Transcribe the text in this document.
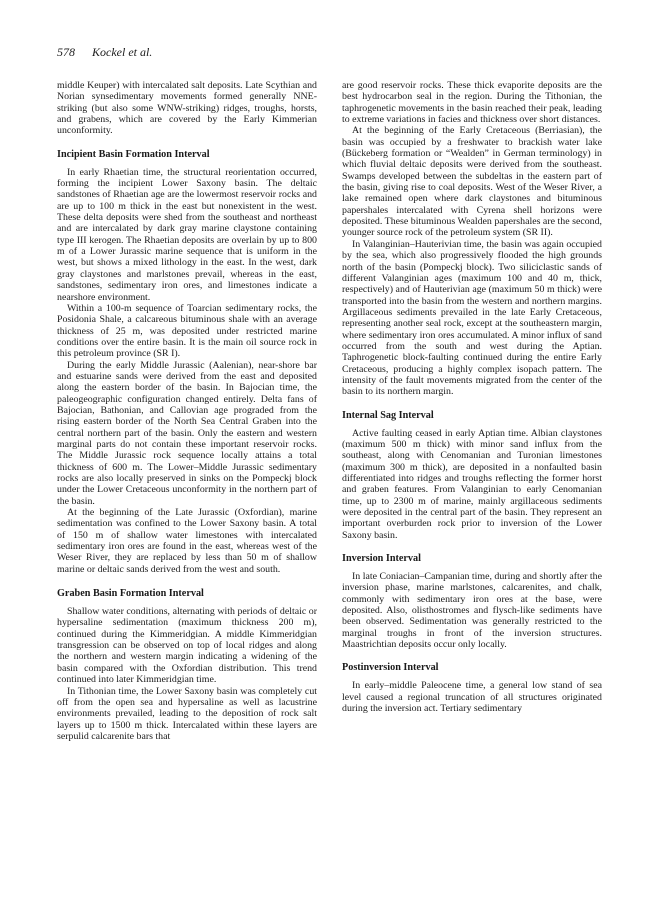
578 Kockel et al.

middle Keuper) with intercalated salt deposits. Late Scythian and Norian synsedimentary movements formed generally NNE-striking (but also some WNW-striking) ridges, troughs, horsts, and grabens, which are covered by the Early Kimmerian unconformity.

Incipient Basin Formation Interval

In early Rhaetian time, the structural reorientation occurred, forming the incipient Lower Saxony basin. The deltaic sandstones of Rhaetian age are the lowermost reservoir rocks and are up to 100 m thick in the east but nonexistent in the west. These delta deposits were shed from the southeast and northeast and are intercalated by dark gray marine claystone containing type III kerogen. The Rhaetian deposits are overlain by up to 800 m of a Lower Jurassic marine sequence that is uniform in the west, but shows a mixed lithology in the east. In the west, dark gray claystones and marlstones prevail, whereas in the east, sandstones, sedimentary iron ores, and limestones indicate a nearshore environment.

Within a 100-m sequence of Toarcian sedimentary rocks, the Posidonia Shale, a calcareous bituminous shale with an average thickness of 25 m, was deposited under restricted marine conditions over the entire basin. It is the main oil source rock in this petroleum province (SR I).

During the early Middle Jurassic (Aalenian), near-shore bar and estuarine sands were derived from the east and deposited along the eastern border of the basin. In Bajocian time, the paleogeographic configuration changed entirely. Delta fans of Bajocian, Bathonian, and Callovian age prograded from the rising eastern border of the North Sea Central Graben into the central northern part of the basin. Only the eastern and western marginal parts do not contain these important reservoir rocks. The Middle Jurassic rock sequence locally attains a total thickness of 600 m. The Lower–Middle Jurassic sedimentary rocks are also locally preserved in sinks on the Pompeckj block under the Lower Cretaceous unconformity in the northern part of the basin.

At the beginning of the Late Jurassic (Oxfordian), marine sedimentation was confined to the Lower Saxony basin. A total of 150 m of shallow water limestones with intercalated sedimentary iron ores are found in the east, whereas west of the Weser River, they are replaced by less than 50 m of shallow marine or deltaic sands derived from the west and south.

Graben Basin Formation Interval

Shallow water conditions, alternating with periods of deltaic or hypersaline sedimentation (maximum thickness 200 m), continued during the Kimmeridgian. A middle Kimmeridgian transgression can be observed on top of local ridges and along the northern and western margin indicating a widening of the basin compared with the Oxfordian distribution. This trend continued into later Kimmeridgian time.

In Tithonian time, the Lower Saxony basin was completely cut off from the open sea and hypersaline as well as lacustrine environments prevailed, leading to the deposition of rock salt layers up to 1500 m thick. Intercalated within these layers are serpulid calcarenite bars that

are good reservoir rocks. These thick evaporite deposits are the best hydrocarbon seal in the region. During the Tithonian, the taphrogenetic movements in the basin reached their peak, leading to extreme variations in facies and thickness over short distances.

At the beginning of the Early Cretaceous (Berriasian), the basin was occupied by a freshwater to brackish water lake (Bückeberg formation or “Wealden” in German terminology) in which fluvial deltaic deposits were derived from the southeast. Swamps developed between the subdeltas in the eastern part of the basin, giving rise to coal deposits. West of the Weser River, a lake remained open where dark claystones and bituminous papershales intercalated with Cyrena shell horizons were deposited. These bituminous Wealden papershales are the second, younger source rock of the petroleum system (SR II).

In Valanginian–Hauterivian time, the basin was again occupied by the sea, which also progressively flooded the high grounds north of the basin (Pompeckj block). Two siliciclastic sands of different Valanginian ages (maximum 100 and 40 m, thick, respectively) and of Hauterivian age (maximum 50 m thick) were transported into the basin from the western and northern margins. Argillaceous sediments prevailed in the late Early Cretaceous, representing another seal rock, except at the southeastern margin, where sedimentary iron ores accumulated. A minor influx of sand occurred from the south and west during the Aptian. Taphrogenetic block-faulting continued during the entire Early Cretaceous, producing a highly complex isopach pattern. The intensity of the fault movements migrated from the center of the basin to its northern margin.

Internal Sag Interval

Active faulting ceased in early Aptian time. Albian claystones (maximum 500 m thick) with minor sand influx from the southeast, along with Cenomanian and Turonian limestones (maximum 300 m thick), are deposited in a nonfaulted basin differentiated into ridges and troughs reflecting the former horst and graben features. From Valanginian to early Cenomanian time, up to 2300 m of marine, mainly argillaceous sediments were deposited in the central part of the basin. They represent an important overburden rock prior to inversion of the Lower Saxony basin.

Inversion Interval

In late Coniacian–Campanian time, during and shortly after the inversion phase, marine marlstones, calcarenites, and chalk, commonly with sedimentary iron ores at the base, were deposited. Also, olisthostromes and flysch-like sediments have been observed. Sedimentation was generally restricted to the marginal troughs in front of the inversion structures. Maastrichtian deposits occur only locally.

Postinversion Interval

In early–middle Paleocene time, a general low stand of sea level caused a regional truncation of all structures originated during the inversion act. Tertiary sedimentary
